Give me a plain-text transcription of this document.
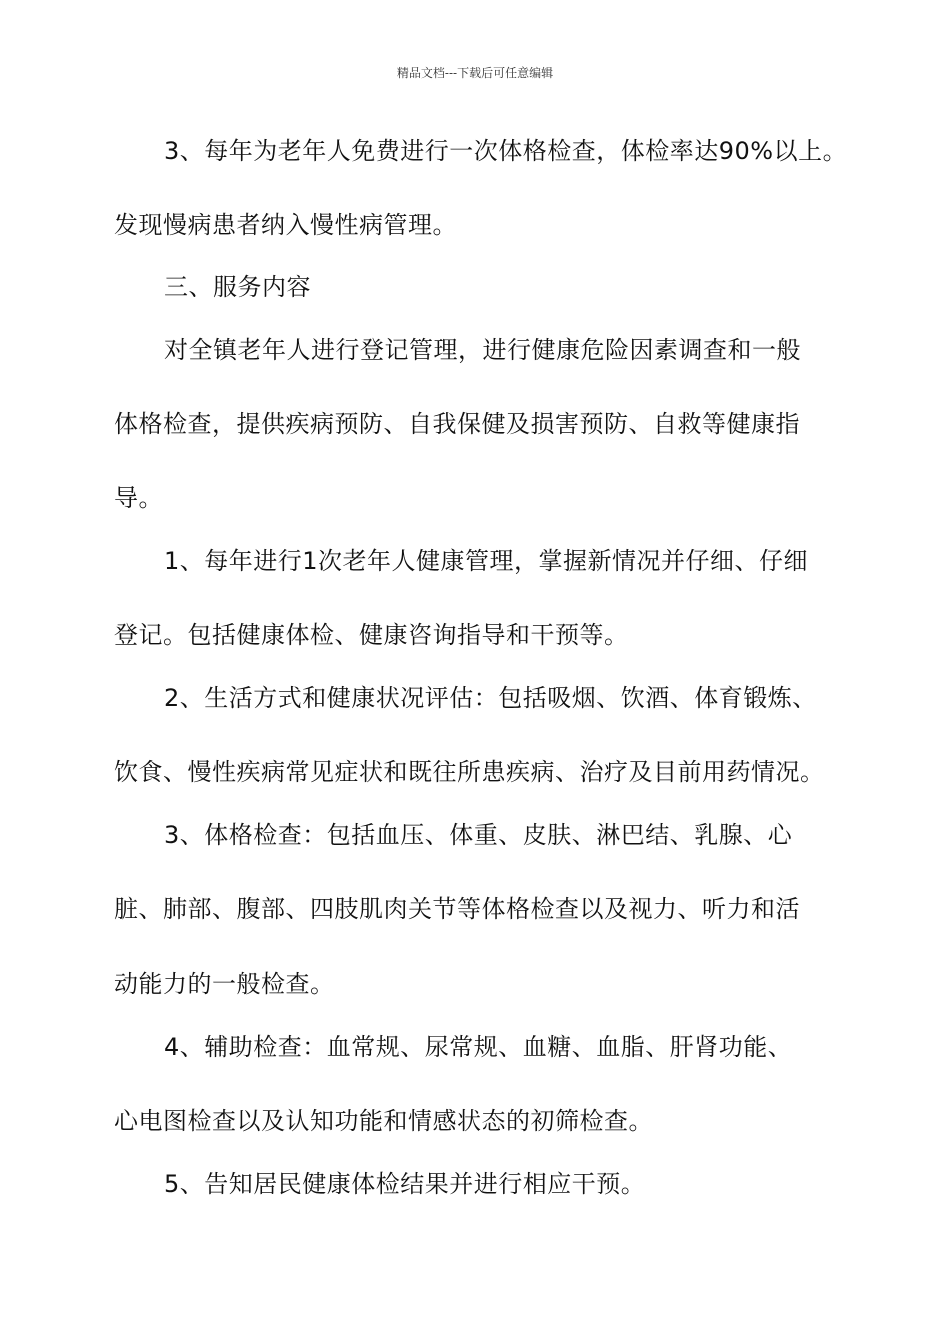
精品文档---下载后可任意编辑
3、每年为老年人免费进行一次体格检查，体检率达90%以上。
发现慢病患者纳入慢性病管理。
三、服务内容
对全镇老年人进行登记管理，进行健康危险因素调查和一般
体格检查，提供疾病预防、自我保健及损害预防、自救等健康指
导。
1、每年进行1次老年人健康管理，掌握新情况并仔细、仔细
登记。包括健康体检、健康咨询指导和干预等。
2、生活方式和健康状况评估：包括吸烟、饮酒、体育锻炼、
饮食、慢性疾病常见症状和既往所患疾病、治疗及目前用药情况。
3、体格检查：包括血压、体重、皮肤、淋巴结、乳腺、心
脏、肺部、腹部、四肢肌肉关节等体格检查以及视力、听力和活
动能力的一般检查。
4、辅助检查：血常规、尿常规、血糖、血脂、肝肾功能、
心电图检查以及认知功能和情感状态的初筛检查。
5、告知居民健康体检结果并进行相应干预。
